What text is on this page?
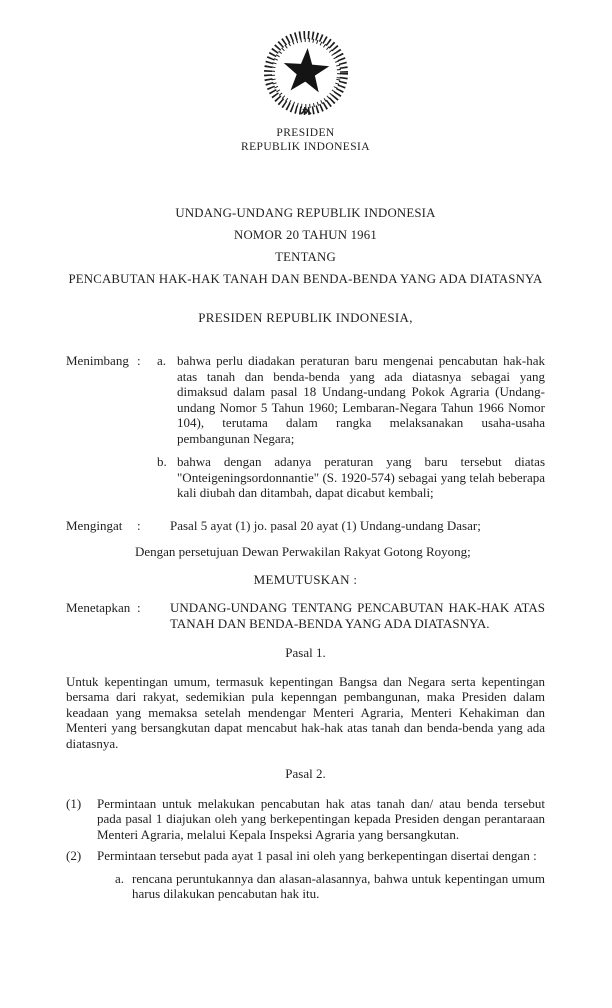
PRESIDEN
REPUBLIK INDONESIA
UNDANG-UNDANG REPUBLIK INDONESIA
NOMOR 20 TAHUN 1961
TENTANG
PENCABUTAN HAK-HAK TANAH DAN BENDA-BENDA YANG ADA DIATASNYA
PRESIDEN REPUBLIK INDONESIA,
Menimbang :	a. bahwa perlu diadakan peraturan baru mengenai pencabutan hak-hak atas tanah dan benda-benda yang ada diatasnya sebagai yang dimaksud dalam pasal 18 Undang-undang Pokok Agraria (Undang-undang Nomor 5 Tahun 1960; Lembaran-Negara Tahun 1966 Nomor 104), terutama dalam rangka melaksanakan usaha-usaha pembangunan Negara;
b. bahwa dengan adanya peraturan yang baru tersebut diatas "Onteigeningsordonnantie" (S. 1920-574) sebagai yang telah beberapa kali diubah dan ditambah, dapat dicabut kembali;
Mengingat	:	Pasal 5 ayat (1) jo. pasal 20 ayat (1) Undang-undang Dasar;
Dengan persetujuan Dewan Perwakilan Rakyat Gotong Royong;
MEMUTUSKAN :
Menetapkan :	UNDANG-UNDANG TENTANG PENCABUTAN HAK-HAK ATAS TANAH DAN BENDA-BENDA YANG ADA DIATASNYA.
Pasal 1.

Untuk kepentingan umum, termasuk kepentingan Bangsa dan Negara serta kepentingan bersama dari rakyat, sedemikian pula kepenngan pembangunan, maka Presiden dalam keadaan yang memaksa setelah mendengar Menteri Agraria, Menteri Kehakiman dan Menteri yang bersangkutan dapat mencabut hak-hak atas tanah dan benda-benda yang ada diatasnya.

Pasal 2.
(1)	Permintaan untuk melakukan pencabutan hak atas tanah dan/ atau benda tersebut pada pasal 1 diajukan oleh yang berkepentingan kepada Presiden dengan perantaraan Menteri Agraria, melalui Kepala Inspeksi Agraria yang bersangkutan.
(2)	Permintaan tersebut pada ayat 1 pasal ini oleh yang berkepentingan disertai dengan :
a. rencana peruntukannya dan alasan-alasannya, bahwa untuk kepentingan umum harus dilakukan pencabutan hak itu.
